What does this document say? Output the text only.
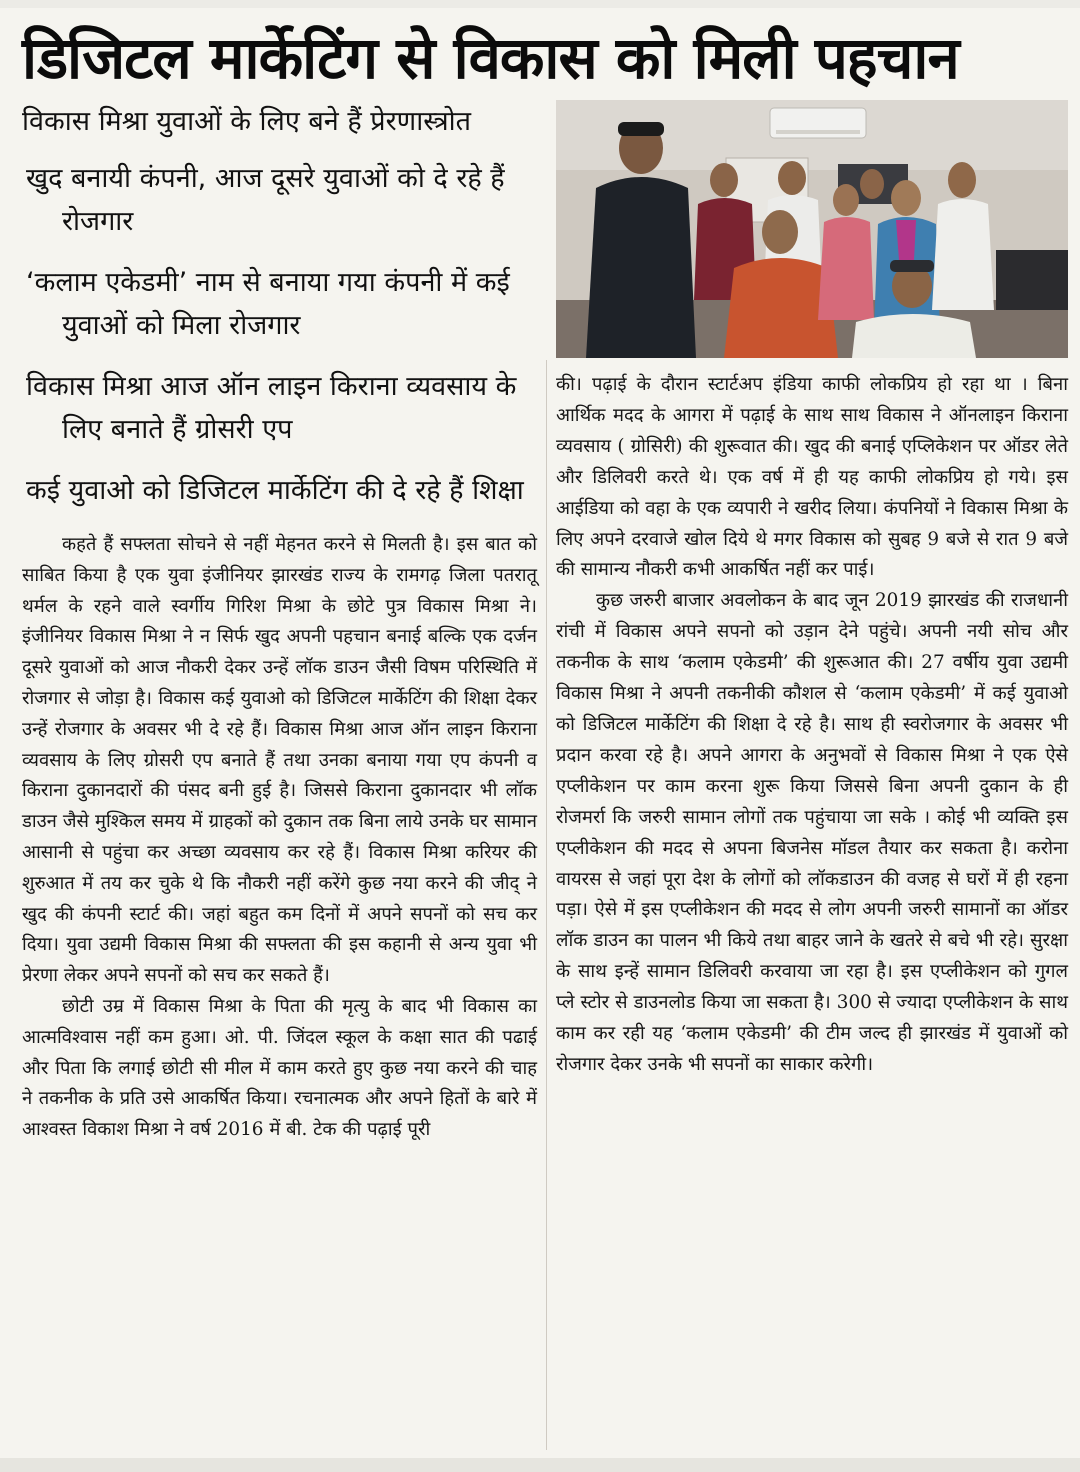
डिजिटल मार्केटिंग से विकास को मिली पहचान
विकास मिश्रा युवाओं के लिए बने हैं प्रेरणास्त्रोत
खुद बनायी कंपनी, आज दूसरे युवाओं को दे रहे हैं रोजगार
‘कलाम एकेडमी’ नाम से बनाया गया कंपनी में कई युवाओं को मिला रोजगार
विकास मिश्रा आज ऑन लाइन किराना व्यवसाय के लिए बनाते हैं ग्रोसरी एप
कई युवाओ को डिजिटल मार्केटिंग की दे रहे हैं शिक्षा

कहते हैं सफ्लता सोचने से नहीं मेहनत करने से मिलती है। इस बात को साबित किया है एक युवा इंजीनियर झारखंड राज्य के रामगढ़ जिला पतरातू थर्मल के रहने वाले स्वर्गीय गिरिश मिश्रा के छोटे पुत्र विकास मिश्रा ने। इंजीनियर विकास मिश्रा ने न सिर्फ खुद अपनी पहचान बनाई बल्कि एक दर्जन दूसरे युवाओं को आज नौकरी देकर उन्हें लॉक डाउन जैसी विषम परिस्थिति में रोजगार से जोड़ा है। विकास कई युवाओ को डिजिटल मार्केटिंग की शिक्षा देकर उन्हें रोजगार के अवसर भी दे रहे हैं। विकास मिश्रा आज ऑन लाइन किराना व्यवसाय के लिए ग्रोसरी एप बनाते हैं तथा उनका बनाया गया एप कंपनी व किराना दुकानदारों की पंसद बनी हुई है। जिससे किराना दुकानदार भी लॉक डाउन जैसे मुश्किल समय में ग्राहकों को दुकान तक बिना लाये उनके घर सामान आसानी से पहुंचा कर अच्छा व्यवसाय कर रहे हैं। विकास मिश्रा करियर की शुरुआत में तय कर चुके थे कि नौकरी नहीं करेंगे कुछ नया करने की जीद् ने खुद की कंपनी स्टार्ट की। जहां बहुत कम दिनों में अपने सपनों को सच कर दिया। युवा उद्यमी विकास मिश्रा की सफ्लता की इस कहानी से अन्य युवा भी प्रेरणा लेकर अपने सपनों को सच कर सकते हैं।

छोटी उम्र में विकास मिश्रा के पिता की मृत्यु के बाद भी विकास का आत्मविश्वास नहीं कम हुआ। ओ. पी. जिंदल स्कूल के कक्षा सात की पढाई और पिता कि लगाई छोटी सी मील में काम करते हुए कुछ नया करने की चाह ने तकनीक के प्रति उसे आकर्षित किया। रचनात्मक और अपने हितों के बारे में आश्वस्त विकाश मिश्रा ने वर्ष 2016 में बी. टेक की पढ़ाई पूरी

की। पढ़ाई के दौरान स्टार्टअप इंडिया काफी लोकप्रिय हो रहा था । बिना आर्थिक मदद के आगरा में पढ़ाई के साथ साथ विकास ने ऑनलाइन किराना व्यवसाय ( ग्रोसिरी) की शुरूवात की। खुद की बनाई एप्लिकेशन पर ऑडर लेते और डिलिवरी करते थे। एक वर्ष में ही यह काफी लोकप्रिय हो गये। इस आईडिया को वहा के एक व्यपारी ने खरीद लिया। कंपनियों ने विकास मिश्रा के लिए अपने दरवाजे खोल दिये थे मगर विकास को सुबह 9 बजे से रात 9 बजे की सामान्य नौकरी कभी आकर्षित नहीं कर पाई।

कुछ जरुरी बाजार अवलोकन के बाद जून 2019 झारखंड की राजधानी रांची में विकास अपने सपनो को उड़ान देने पहुंचे। अपनी नयी सोच और तकनीक के साथ ‘कलाम एकेडमी’ की शुरूआत की। 27 वर्षीय युवा उद्यमी विकास मिश्रा ने अपनी तकनीकी कौशल से ‘कलाम एकेडमी’ में कई युवाओ को डिजिटल मार्केटिंग की शिक्षा दे रहे है। साथ ही स्वरोजगार के अवसर भी प्रदान करवा रहे है। अपने आगरा के अनुभवों से विकास मिश्रा ने एक ऐसे एप्लीकेशन पर काम करना शुरू किया जिससे बिना अपनी दुकान के ही रोजमर्रा कि जरुरी सामान लोगों तक पहुंचाया जा सके । कोई भी व्यक्ति इस एप्लीकेशन की मदद से अपना बिजनेस मॉडल तैयार कर सकता है। करोना वायरस से जहां पूरा देश के लोगों को लॉकडाउन की वजह से घरों में ही रहना पड़ा। ऐसे में इस एप्लीकेशन की मदद से लोग अपनी जरुरी सामानों का ऑडर लॉक डाउन का पालन भी किये तथा बाहर जाने के खतरे से बचे भी रहे। सुरक्षा के साथ इन्हें सामान डिलिवरी करवाया जा रहा है। इस एप्लीकेशन को गुगल प्ले स्टोर से डाउनलोड किया जा सकता है। 300 से ज्यादा एप्लीकेशन के साथ काम कर रही यह ‘कलाम एकेडमी’ की टीम जल्द ही झारखंड में युवाओं को रोजगार देकर उनके भी सपनों का साकार करेगी।
